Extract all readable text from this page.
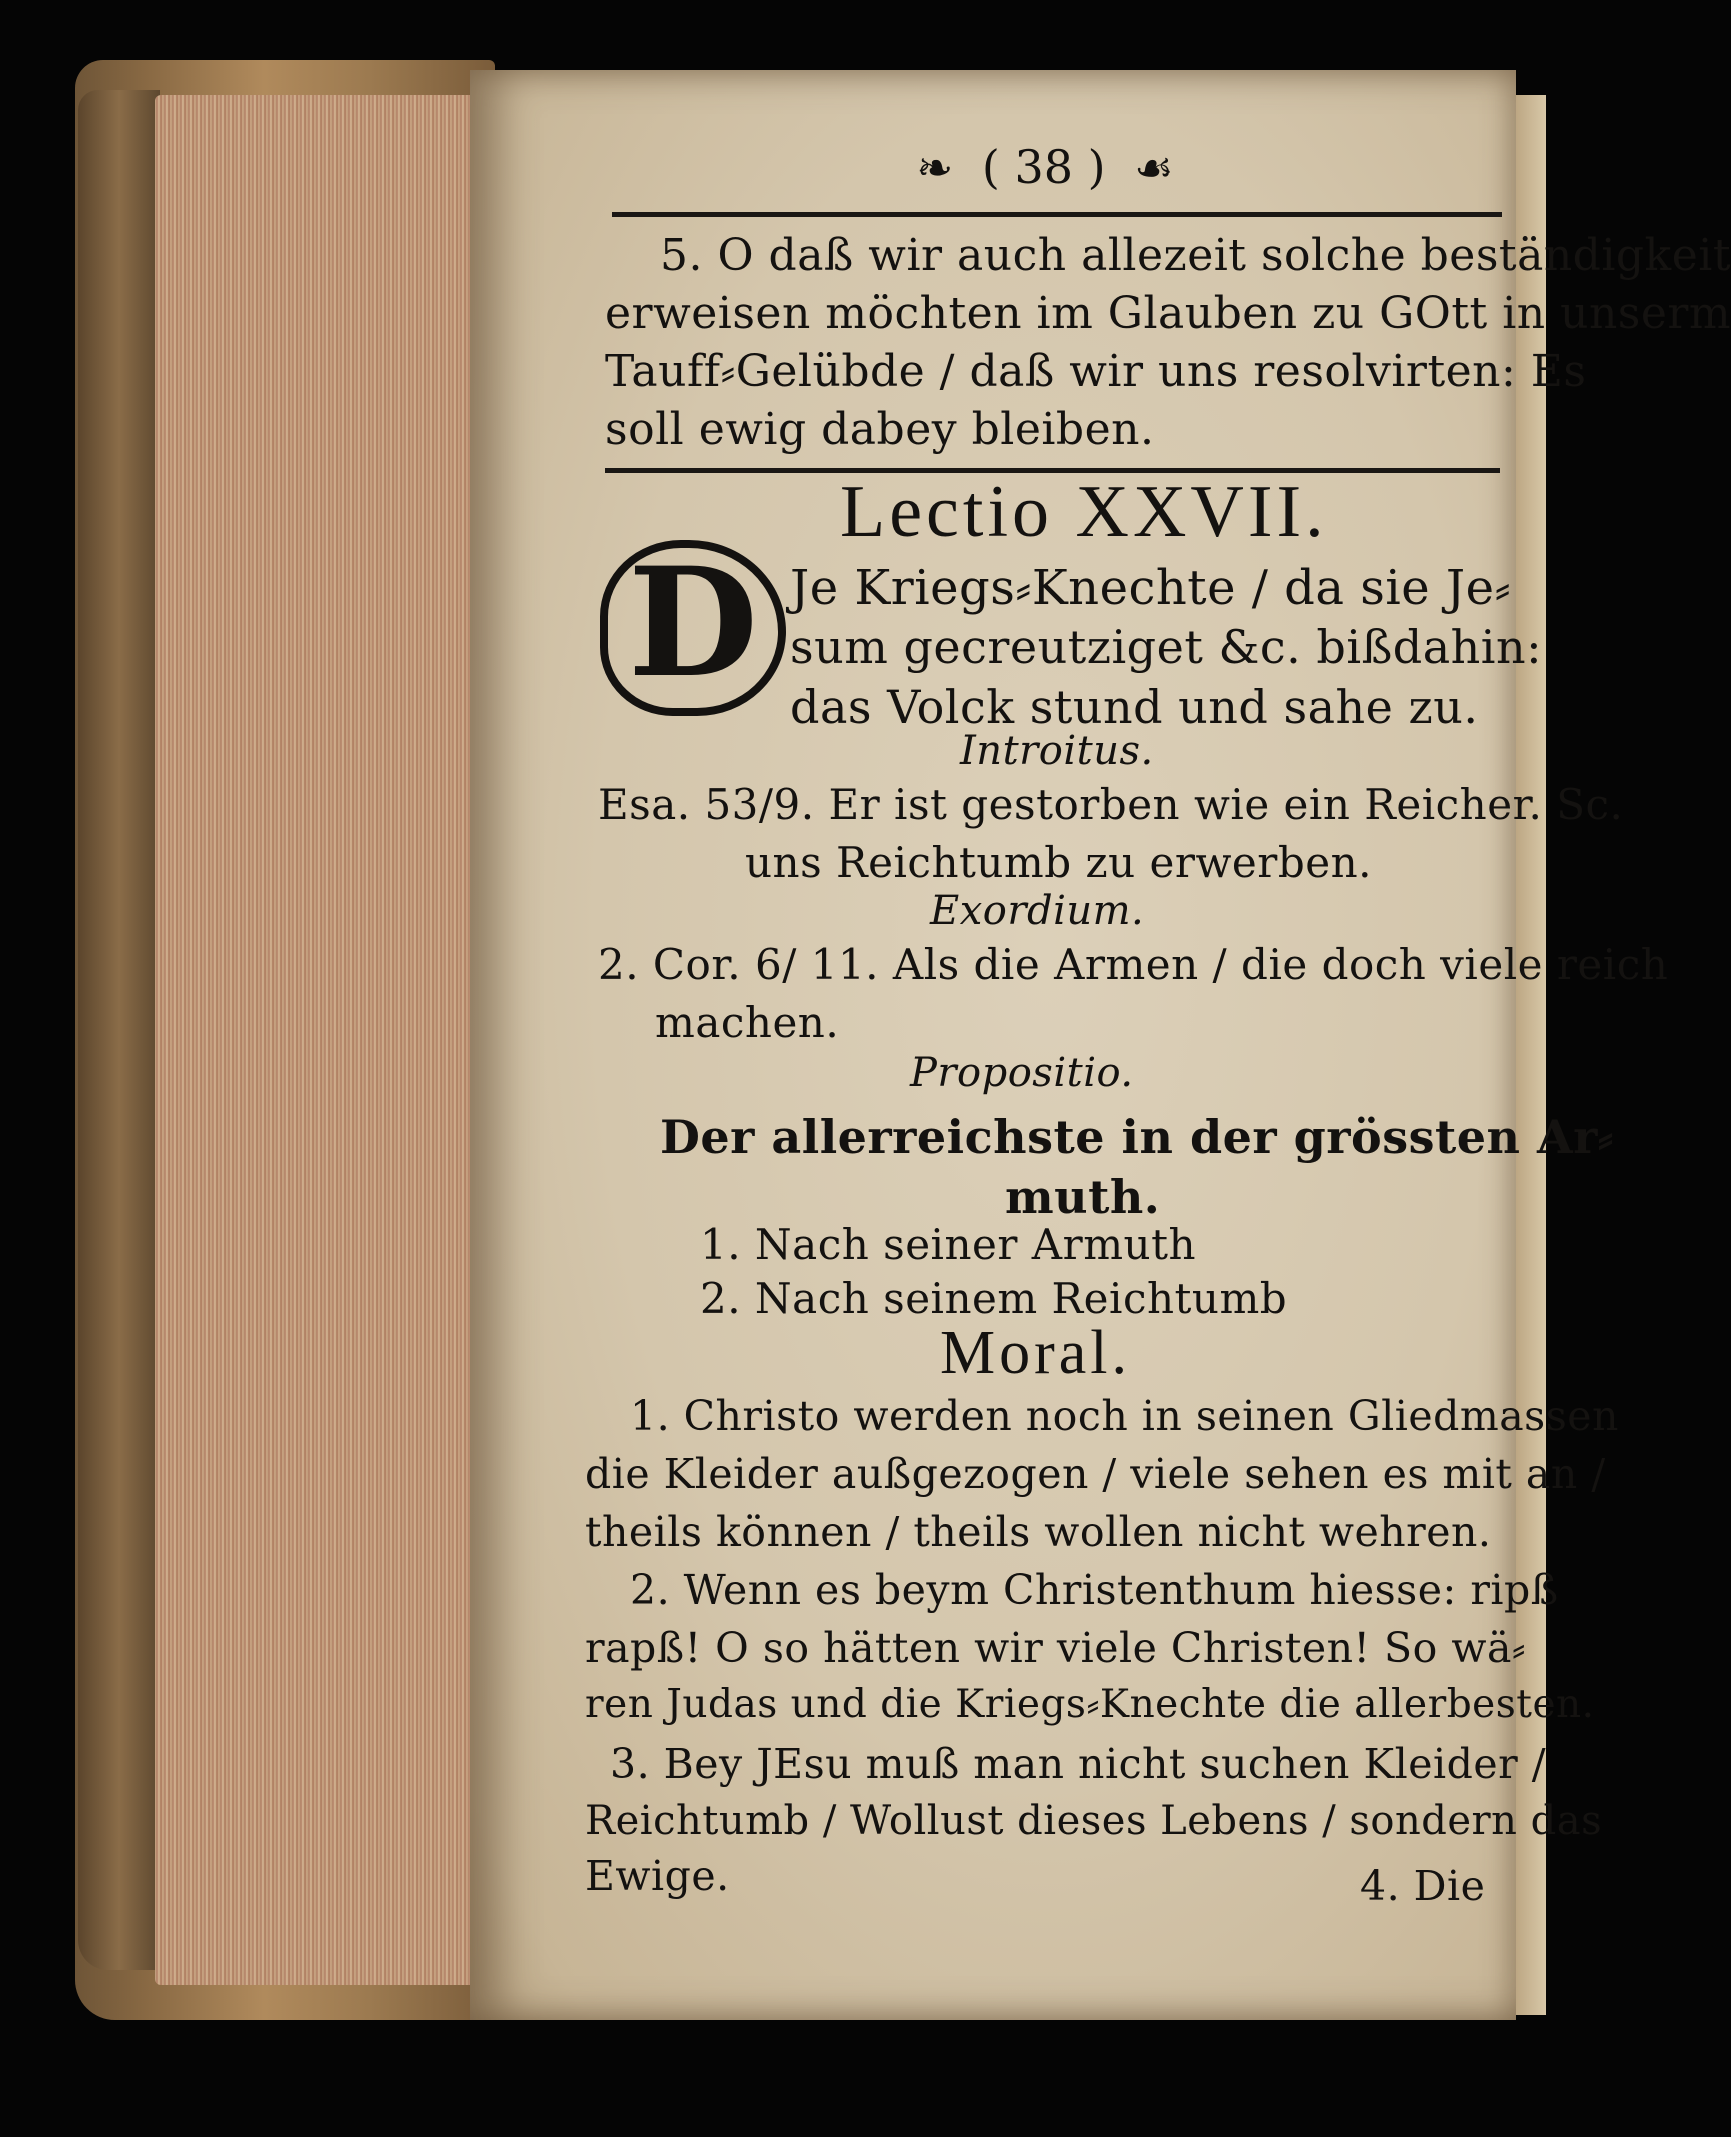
❧ ( 38 ) ☙
5. O daß wir auch allezeit solche beständigkeit
erweisen möchten im Glauben zu GOtt in unserm
Tauff⸗Gelübde / daß wir uns resolvirten: Es
soll ewig dabey bleiben.
Lectio XXVII.
D Je Kriegs⸗Knechte / da sie Je⸗
sum gecreutziget &c. bißdahin:
das Volck stund und sahe zu.
Introitus.
Esa. 53/9. Er ist gestorben wie ein Reicher. Sc.
uns Reichtumb zu erwerben.
Exordium.
2. Cor. 6/ 11. Als die Armen / die doch viele reich
machen.
Propositio.
Der allerreichste in der grössten Ar⸗
muth.
1. Nach seiner Armuth
2. Nach seinem Reichtumb
Moral.
1. Christo werden noch in seinen Gliedmassen
die Kleider außgezogen / viele sehen es mit an /
theils können / theils wollen nicht wehren.
2. Wenn es beym Christenthum hiesse: ripß
rapß! O so hätten wir viele Christen! So wä⸗
ren Judas und die Kriegs⸗Knechte die allerbesten.
3. Bey JEsu muß man nicht suchen Kleider /
Reichtumb / Wollust dieses Lebens / sondern das
Ewige.	4. Die
